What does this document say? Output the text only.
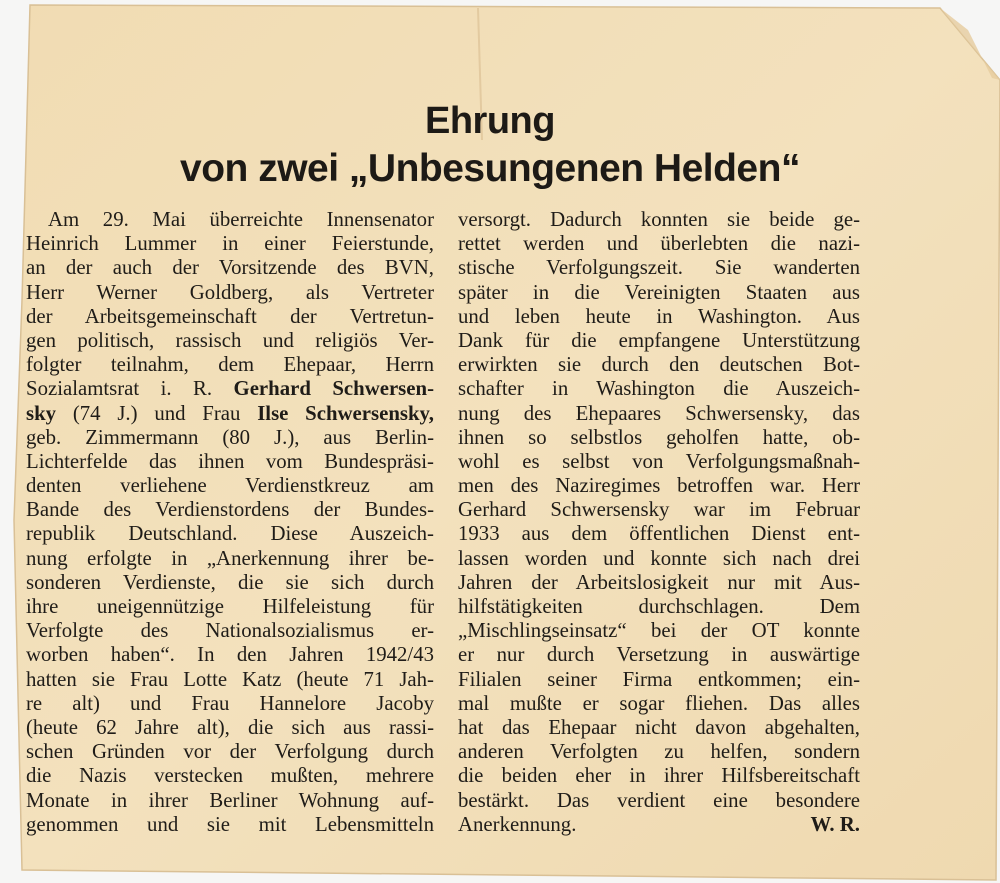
Ehrung
von zwei „Unbesungenen Helden“
Am 29. Mai überreichte Innensenator
Heinrich Lummer in einer Feierstunde,
an der auch der Vorsitzende des BVN,
Herr Werner Goldberg, als Vertreter
der Arbeitsgemeinschaft der Vertretun-
gen politisch, rassisch und religiös Ver-
folgter teilnahm, dem Ehepaar, Herrn
Sozialamtsrat i. R. Gerhard Schwersen-
sky (74 J.) und Frau Ilse Schwersensky,
geb. Zimmermann (80 J.), aus Berlin-
Lichterfelde das ihnen vom Bundespräsi-
denten verliehene Verdienstkreuz am
Bande des Verdienstordens der Bundes-
republik Deutschland. Diese Auszeich-
nung erfolgte in „Anerkennung ihrer be-
sonderen Verdienste, die sie sich durch
ihre uneigennützige Hilfeleistung für
Verfolgte des Nationalsozialismus er-
worben haben“. In den Jahren 1942/43
hatten sie Frau Lotte Katz (heute 71 Jah-
re alt) und Frau Hannelore Jacoby
(heute 62 Jahre alt), die sich aus rassi-
schen Gründen vor der Verfolgung durch
die Nazis verstecken mußten, mehrere
Monate in ihrer Berliner Wohnung auf-
genommen und sie mit Lebensmitteln
versorgt. Dadurch konnten sie beide ge-
rettet werden und überlebten die nazi-
stische Verfolgungszeit. Sie wanderten
später in die Vereinigten Staaten aus
und leben heute in Washington. Aus
Dank für die empfangene Unterstützung
erwirkten sie durch den deutschen Bot-
schafter in Washington die Auszeich-
nung des Ehepaares Schwersensky, das
ihnen so selbstlos geholfen hatte, ob-
wohl es selbst von Verfolgungsmaßnah-
men des Naziregimes betroffen war. Herr
Gerhard Schwersensky war im Februar
1933 aus dem öffentlichen Dienst ent-
lassen worden und konnte sich nach drei
Jahren der Arbeitslosigkeit nur mit Aus-
hilfstätigkeiten durchschlagen. Dem
„Mischlingseinsatz“ bei der OT konnte
er nur durch Versetzung in auswärtige
Filialen seiner Firma entkommen; ein-
mal mußte er sogar fliehen. Das alles
hat das Ehepaar nicht davon abgehalten,
anderen Verfolgten zu helfen, sondern
die beiden eher in ihrer Hilfsbereitschaft
bestärkt. Das verdient eine besondere
Anerkennung.	W. R.
